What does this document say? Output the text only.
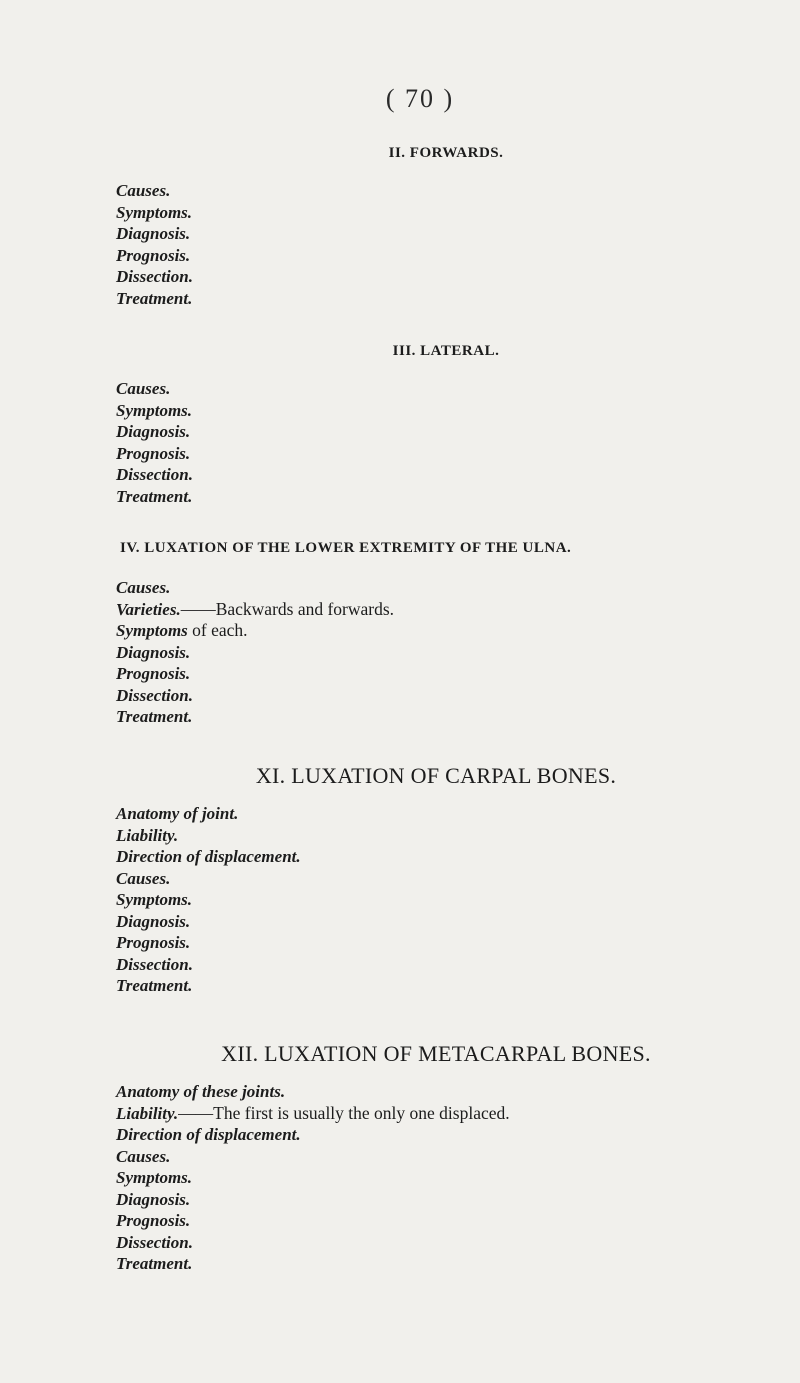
( 70 )
II. FORWARDS.
Causes.
Symptoms.
Diagnosis.
Prognosis.
Dissection.
Treatment.
III. LATERAL.
Causes.
Symptoms.
Diagnosis.
Prognosis.
Dissection.
Treatment.
IV. LUXATION OF THE LOWER EXTREMITY OF THE ULNA.
Causes.
Varieties.——Backwards and forwards.
Symptoms of each.
Diagnosis.
Prognosis.
Dissection.
Treatment.
XI. LUXATION OF CARPAL BONES.
Anatomy of joint.
Liability.
Direction of displacement.
Causes.
Symptoms.
Diagnosis.
Prognosis.
Dissection.
Treatment.
XII. LUXATION OF METACARPAL BONES.
Anatomy of these joints.
Liability.——The first is usually the only one displaced.
Direction of displacement.
Causes.
Symptoms.
Diagnosis.
Prognosis.
Dissection.
Treatment.
